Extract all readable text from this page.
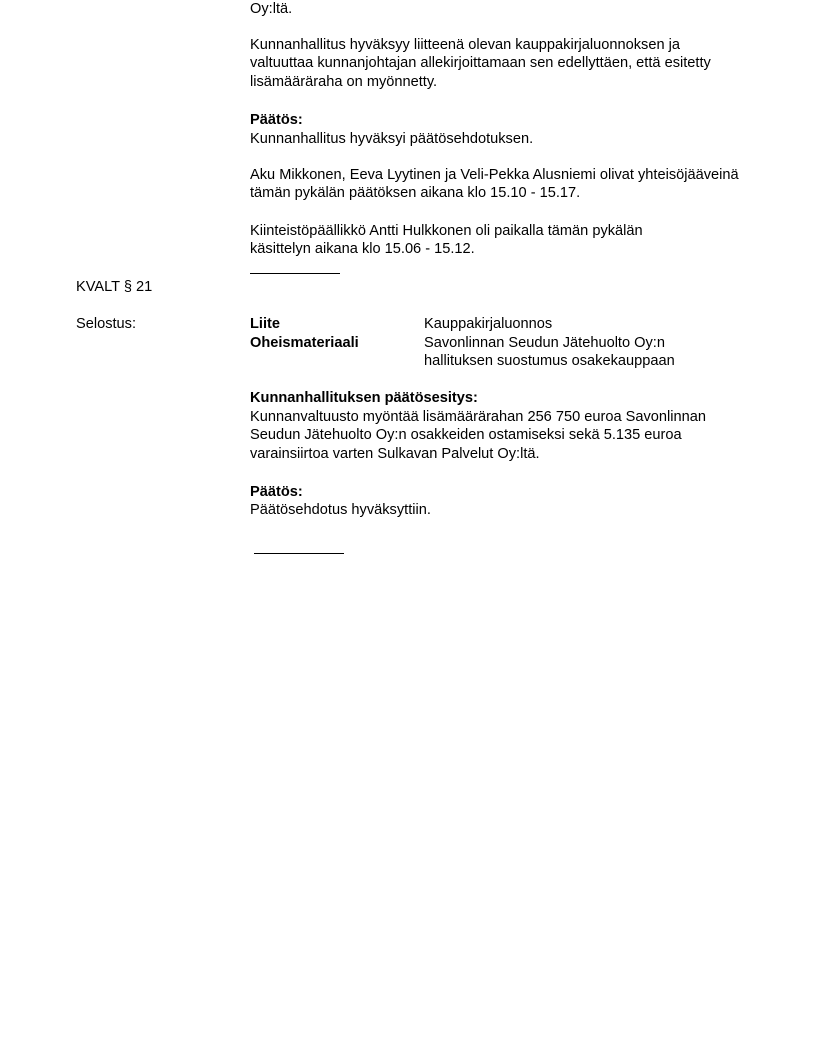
Oy:ltä.

Kunnanhallitus hyväksyy liitteenä olevan kauppakirjaluonnoksen ja valtuuttaa kunnanjohtajan allekirjoittamaan sen edellyttäen, että esitetty lisämääräraha on myönnetty.

Päätös:

Kunnanhallitus hyväksyi päätösehdotuksen.

Aku Mikkonen, Eeva Lyytinen ja Veli-Pekka Alusniemi olivat yhteisöjääveinä tämän pykälän päätöksen aikana klo 15.10 - 15.17.

Kiinteistöpäällikkö Antti Hulkkonen oli paikalla tämän pykälän käsittelyn aikana klo 15.06 - 15.12.

KVALT § 21

Selostus:	Liite	Kauppakirjaluonnos
Oheismateriaali	Savonlinnan Seudun Jätehuolto Oy:n hallituksen suostumus osakekauppaan

Kunnanhallituksen päätösesitys:

Kunnanvaltuusto myöntää lisämäärärahan 256 750 euroa Savonlinnan Seudun Jätehuolto Oy:n osakkeiden ostamiseksi sekä 5.135 euroa varainsiirtoa varten Sulkavan Palvelut Oy:ltä.

Päätös:

Päätösehdotus hyväksyttiin.
